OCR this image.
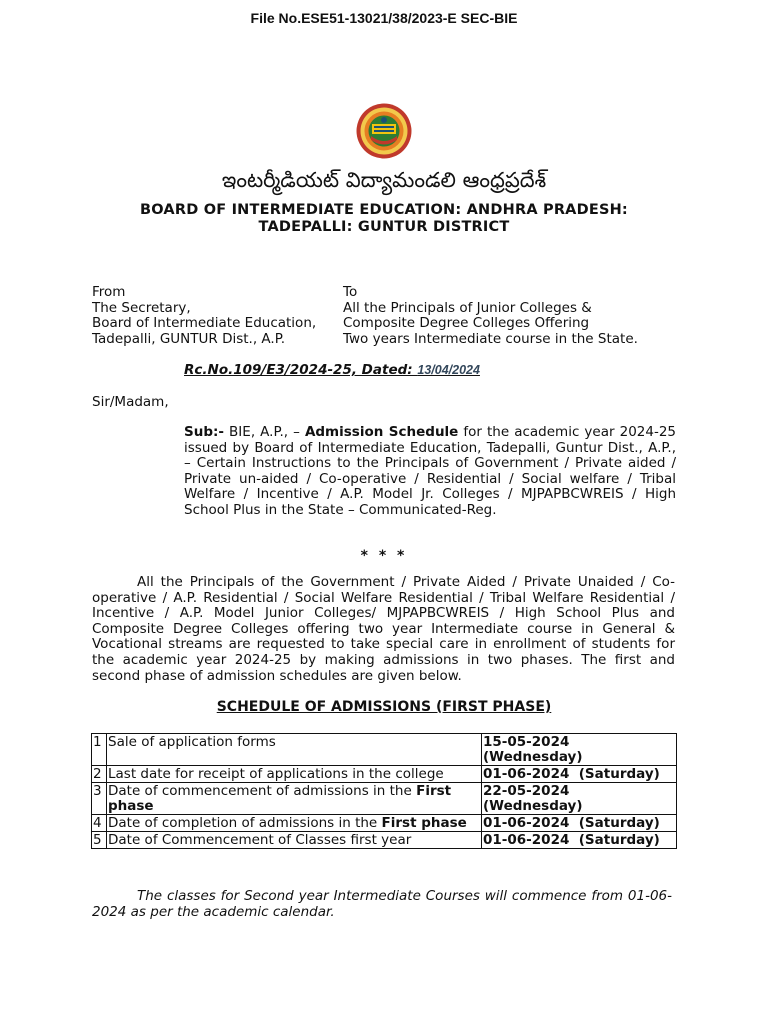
File No.ESE51-13021/38/2023-E SEC-BIE
ఇంటర్మీడియట్ విద్యామండలి ఆంధ్రప్రదేశ్
BOARD OF INTERMEDIATE EDUCATION: ANDHRA PRADESH:
TADEPALLI: GUNTUR DISTRICT
From
The Secretary,
Board of Intermediate Education,
Tadepalli, GUNTUR Dist., A.P.
To
All the Principals of Junior Colleges &
Composite Degree Colleges Offering
Two years Intermediate course in the State.
Rc.No.109/E3/2024-25, Dated: 13/04/2024
Sir/Madam,
Sub:- BIE, A.P., – Admission Schedule for the academic year 2024-25 issued by Board of Intermediate Education, Tadepalli, Guntur Dist., A.P., – Certain Instructions to the Principals of Government / Private aided / Private un-aided / Co-operative / Residential / Social welfare / Tribal Welfare / Incentive / A.P. Model Jr. Colleges / MJPAPBCWREIS / High School Plus in the State – Communicated-Reg.
* * *
All the Principals of the Government / Private Aided / Private Unaided / Co-operative / A.P. Residential / Social Welfare Residential / Tribal Welfare Residential / Incentive / A.P. Model Junior Colleges/ MJPAPBCWREIS / High School Plus and Composite Degree Colleges offering two year Intermediate course in General & Vocational streams are requested to take special care in enrollment of students for the academic year 2024-25 by making admissions in two phases. The first and second phase of admission schedules are given below.
SCHEDULE OF ADMISSIONS (FIRST PHASE)
1	Sale of application forms	15-05-2024
(Wednesday)
2	Last date for receipt of applications in the college	01-06-2024 (Saturday)
3	Date of commencement of admissions in the First phase	22-05-2024
(Wednesday)
4	Date of completion of admissions in the First phase	01-06-2024 (Saturday)
5	Date of Commencement of Classes first year	01-06-2024 (Saturday)
The classes for Second year Intermediate Courses will commence from 01-06-2024 as per the academic calendar.
